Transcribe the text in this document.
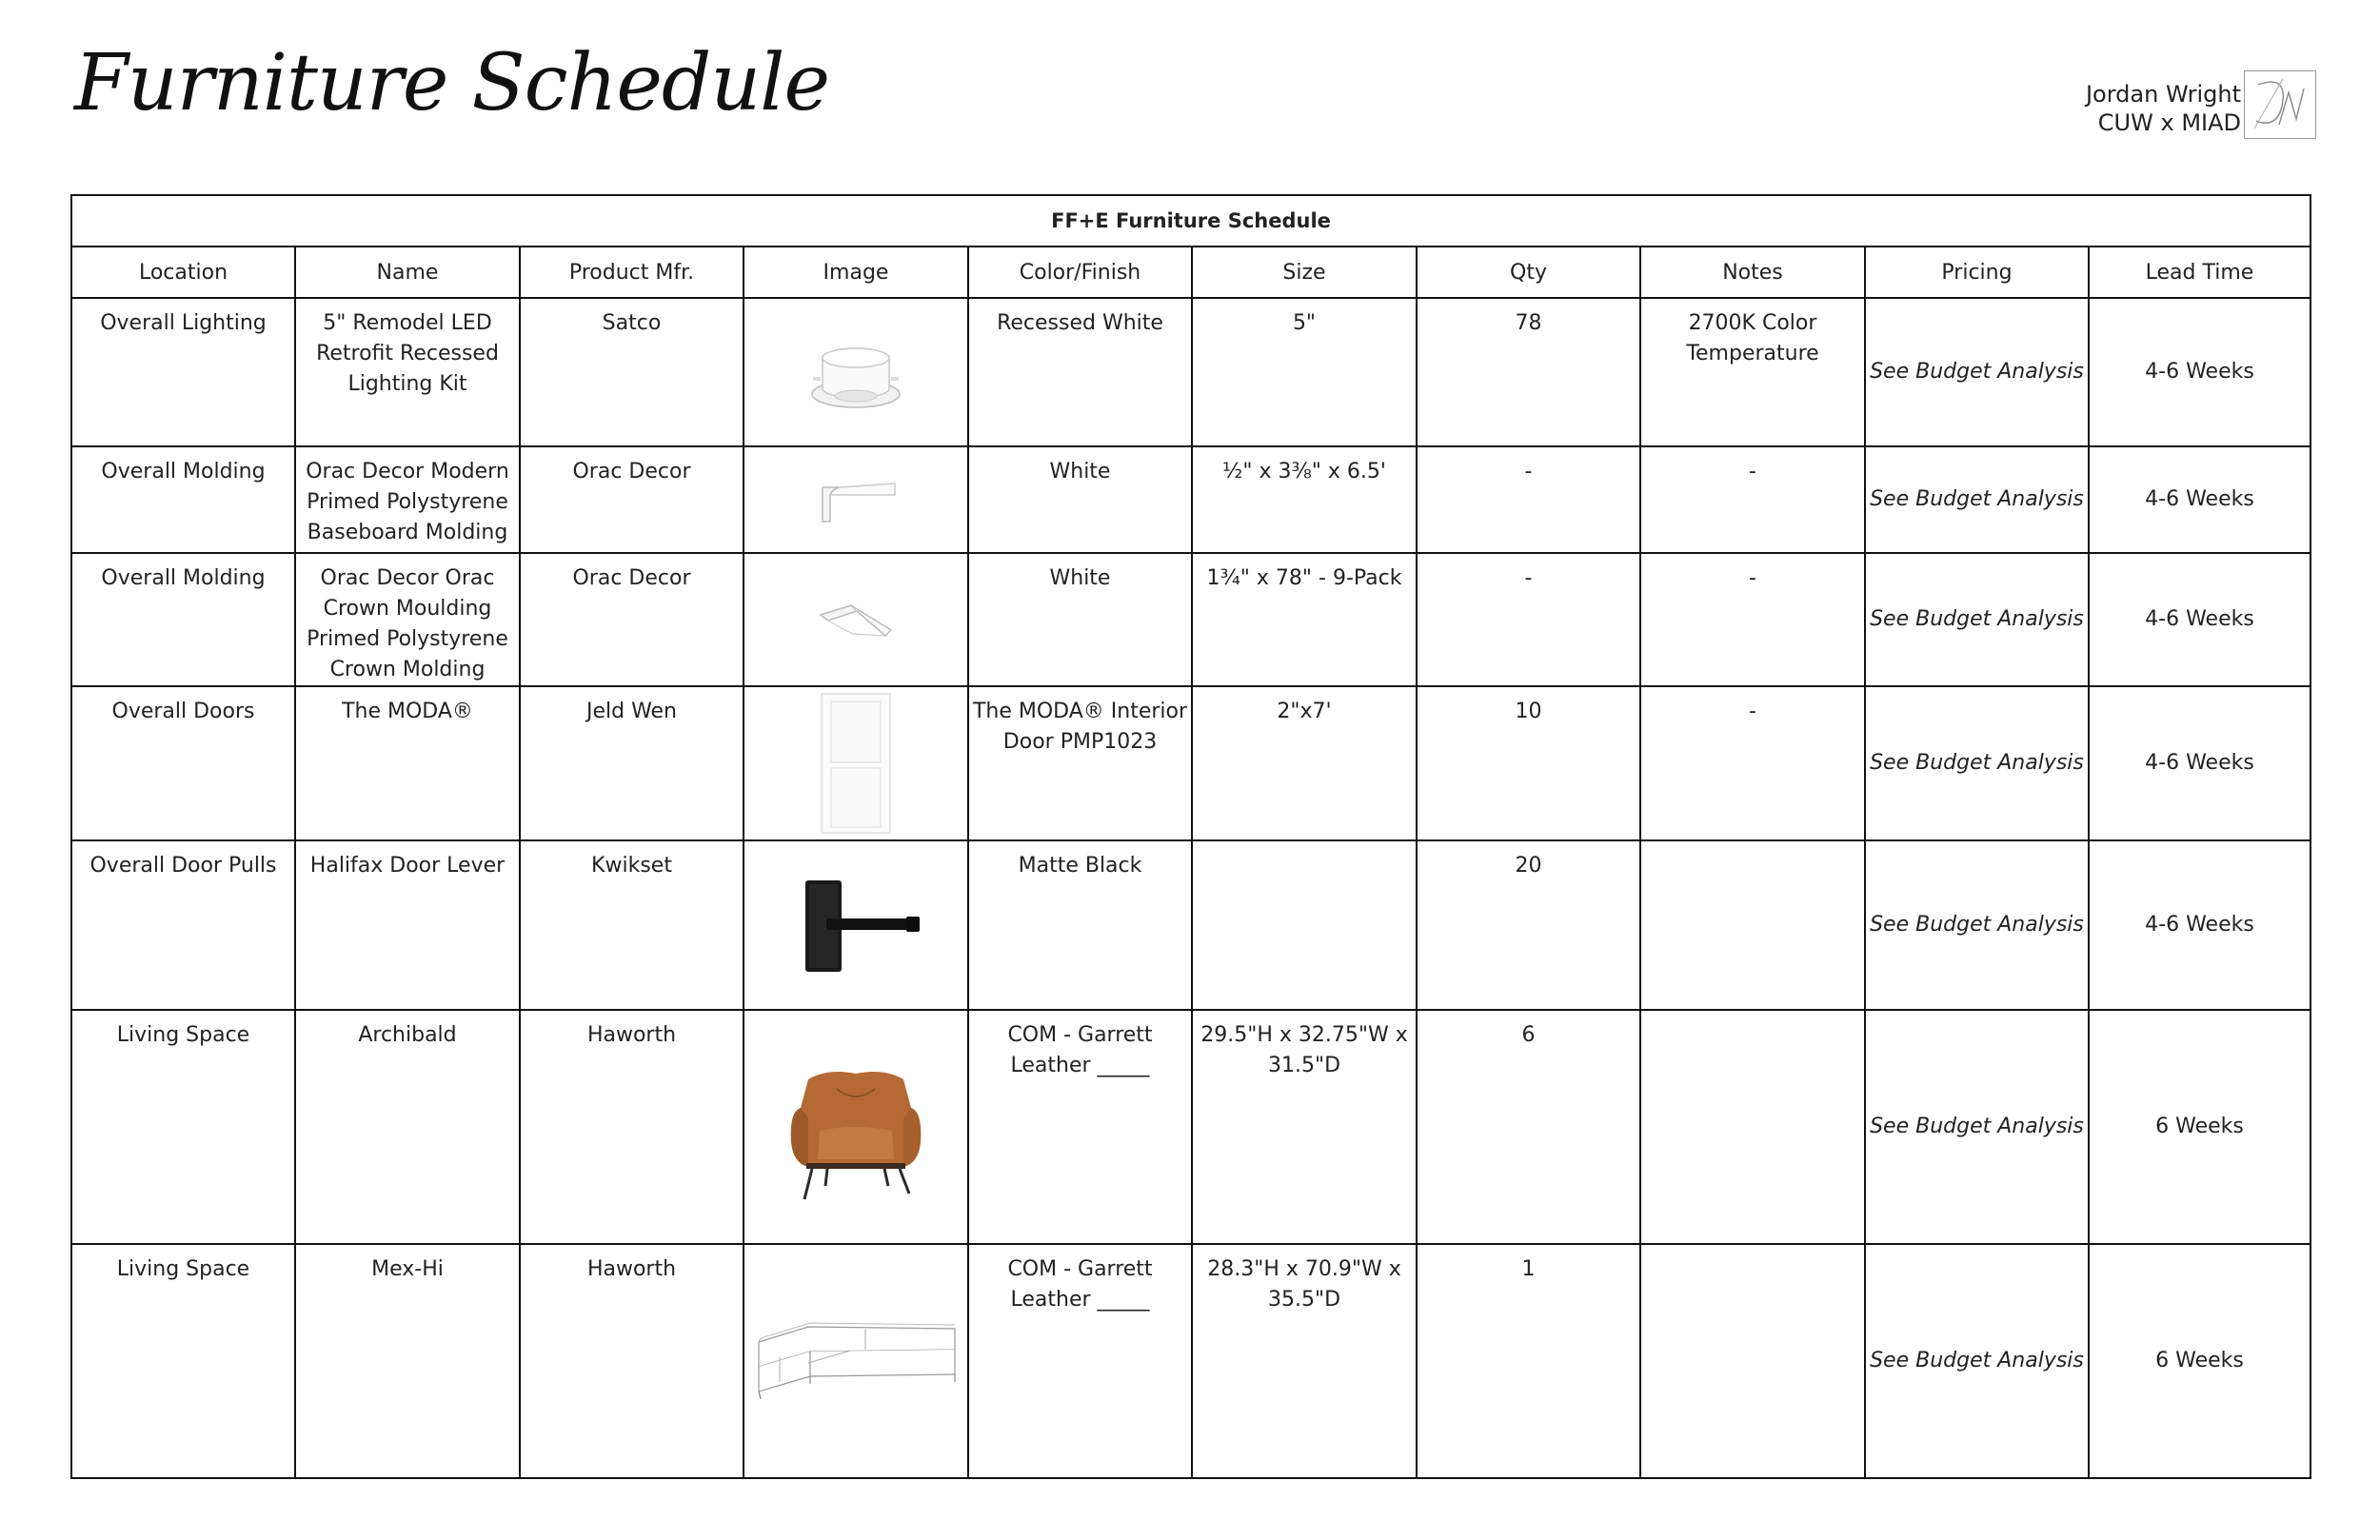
Furniture Schedule	Jordan Wright
CUW x MIAD
FF+E Furniture Schedule									
Location	Name	Product Mfr.	Image	Color/Finish	Size	Qty	Notes	Pricing	Lead Time
Overall Lighting	5" Remodel LED Retrofit Recessed Lighting Kit	Satco		Recessed White	5"	78	2700K Color Temperature	See Budget Analysis	4-6 Weeks
Overall Molding	Orac Decor Modern Primed Polystyrene Baseboard Molding	Orac Decor		White	½" x 3⅜" x 6.5'	-	-	See Budget Analysis	4-6 Weeks
Overall Molding	Orac Decor Orac Crown Moulding Primed Polystyrene Crown Molding	Orac Decor		White	1¾" x 78" - 9-Pack	-	-	See Budget Analysis	4-6 Weeks
Overall Doors	The MODA®	Jeld Wen		The MODA® Interior Door PMP1023	2"x7'	10	-	See Budget Analysis	4-6 Weeks
Overall Door Pulls	Halifax Door Lever	Kwikset		Matte Black		20		See Budget Analysis	4-6 Weeks
Living Space	Archibald	Haworth		COM - Garrett Leather _____	29.5"H x 32.75"W x 31.5"D	6		See Budget Analysis	6 Weeks
Living Space	Mex-Hi	Haworth		COM - Garrett Leather _____	28.3"H x 70.9"W x 35.5"D	1		See Budget Analysis	6 Weeks
